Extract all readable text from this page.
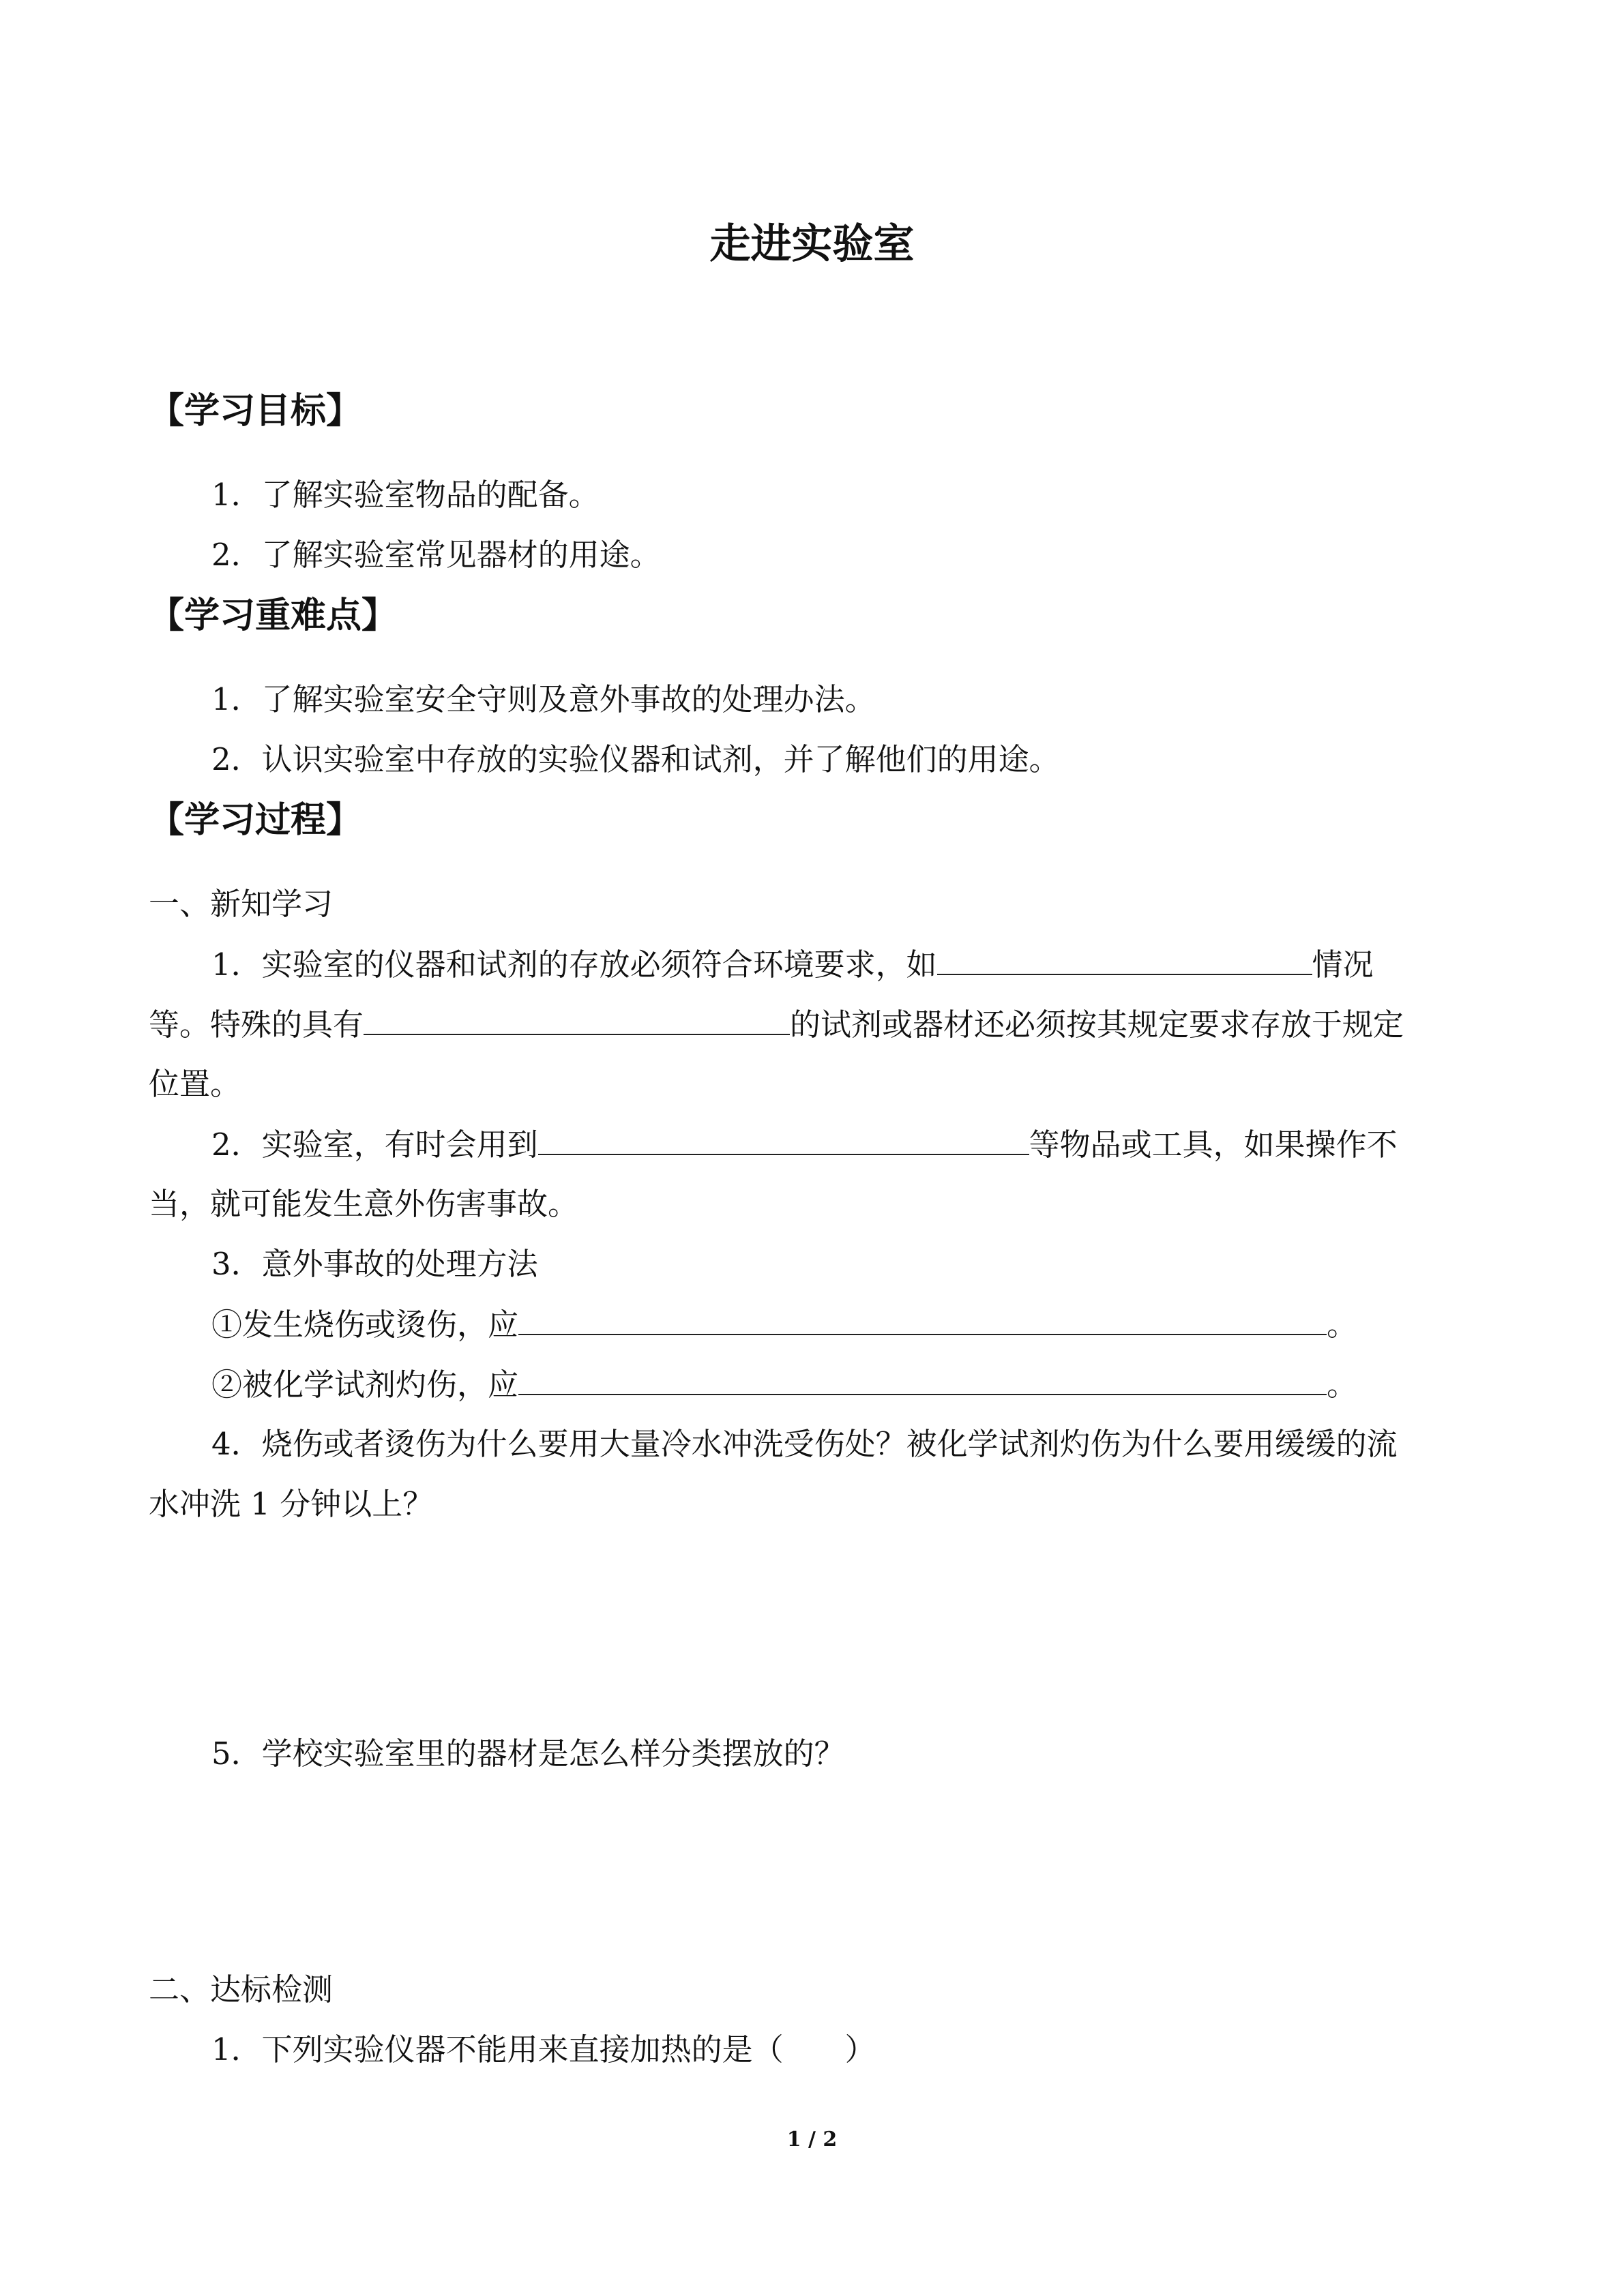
走进实验室
【学习目标】
1．了解实验室物品的配备。
2．了解实验室常见器材的用途。
【学习重难点】
1．了解实验室安全守则及意外事故的处理办法。
2．认识实验室中存放的实验仪器和试剂，并了解他们的用途。
【学习过程】
一、新知学习
1．实验室的仪器和试剂的存放必须符合环境要求，如	情况
等。特殊的具有	的试剂或器材还必须按其规定要求存放于规定
位置。
2．实验室，有时会用到	等物品或工具，如果操作不
当，就可能发生意外伤害事故。
3．意外事故的处理方法
①发生烧伤或烫伤，应	。
②被化学试剂灼伤，应	。
4．烧伤或者烫伤为什么要用大量冷水冲洗受伤处？被化学试剂灼伤为什么要用缓缓的流
水冲洗 1 分钟以上？
5．学校实验室里的器材是怎么样分类摆放的？
二、达标检测
1．下列实验仪器不能用来直接加热的是（　　）
1 / 2
